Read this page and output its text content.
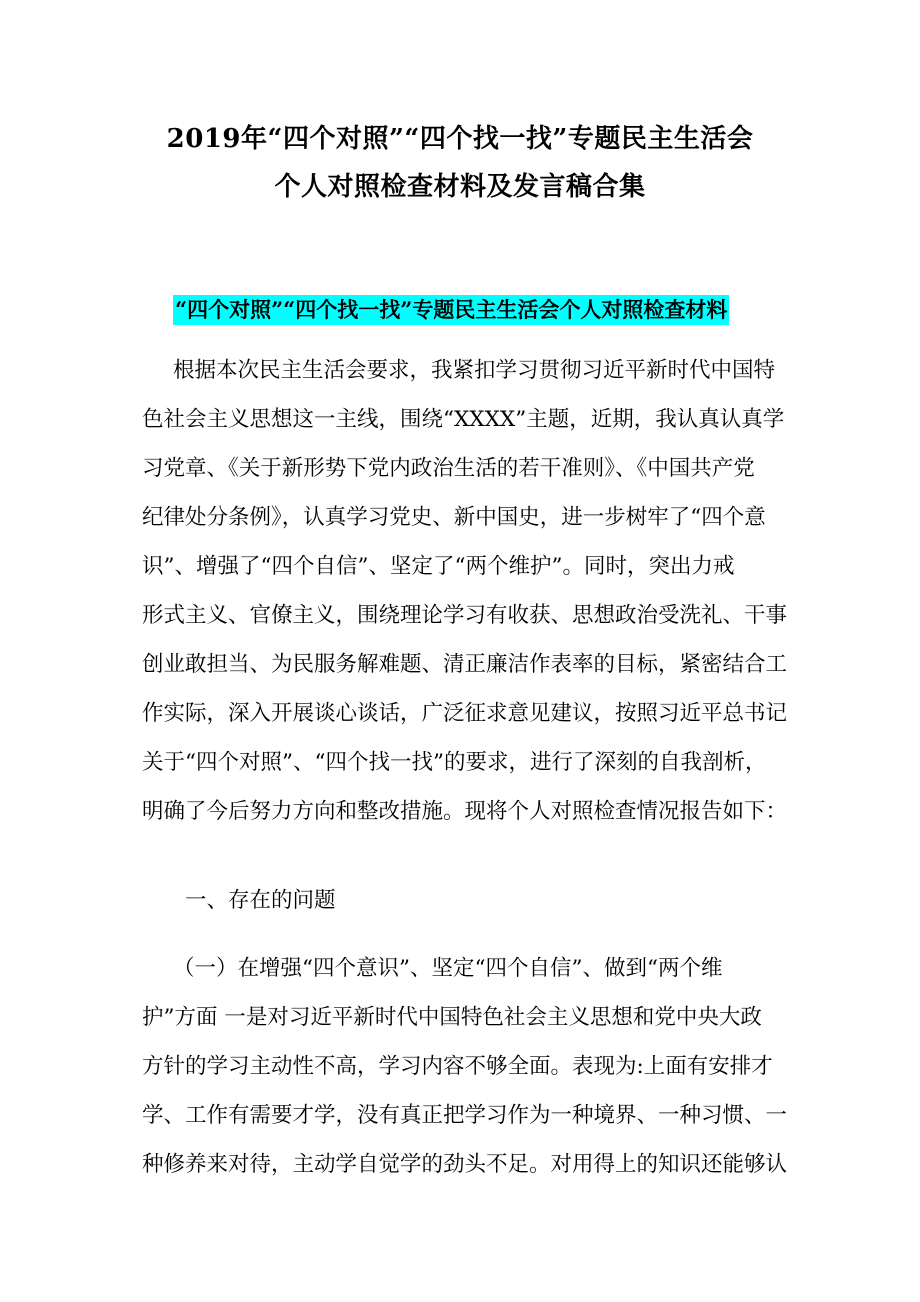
2019年“四个对照”“四个找一找”专题民主生活会
个人对照检查材料及发言稿合集
“四个对照”“四个找一找”专题民主生活会个人对照检查材料
根据本次民主生活会要求，我紧扣学习贯彻习近平新时代中国特
色社会主义思想这一主线，围绕“XXXX”主题，近期，我认真认真学
习党章、《关于新形势下党内政治生活的若干准则》、《中国共产党
纪律处分条例》，认真学习党史、新中国史，进一步树牢了“四个意
识”、增强了“四个自信”、坚定了“两个维护”。同时，突出力戒
形式主义、官僚主义，围绕理论学习有收获、思想政治受洗礼、干事
创业敢担当、为民服务解难题、清正廉洁作表率的目标，紧密结合工
作实际，深入开展谈心谈话，广泛征求意见建议，按照习近平总书记
关于“四个对照”、“四个找一找”的要求，进行了深刻的自我剖析，
明确了今后努力方向和整改措施。现将个人对照检查情况报告如下：
一、存在的问题
（一）在增强“四个意识”、坚定“四个自信”、做到“两个维
护”方面 一是对习近平新时代中国特色社会主义思想和党中央大政
方针的学习主动性不高，学习内容不够全面。表现为:上面有安排才
学、工作有需要才学，没有真正把学习作为一种境界、一种习惯、一
种修养来对待，主动学自觉学的劲头不足。对用得上的知识还能够认
